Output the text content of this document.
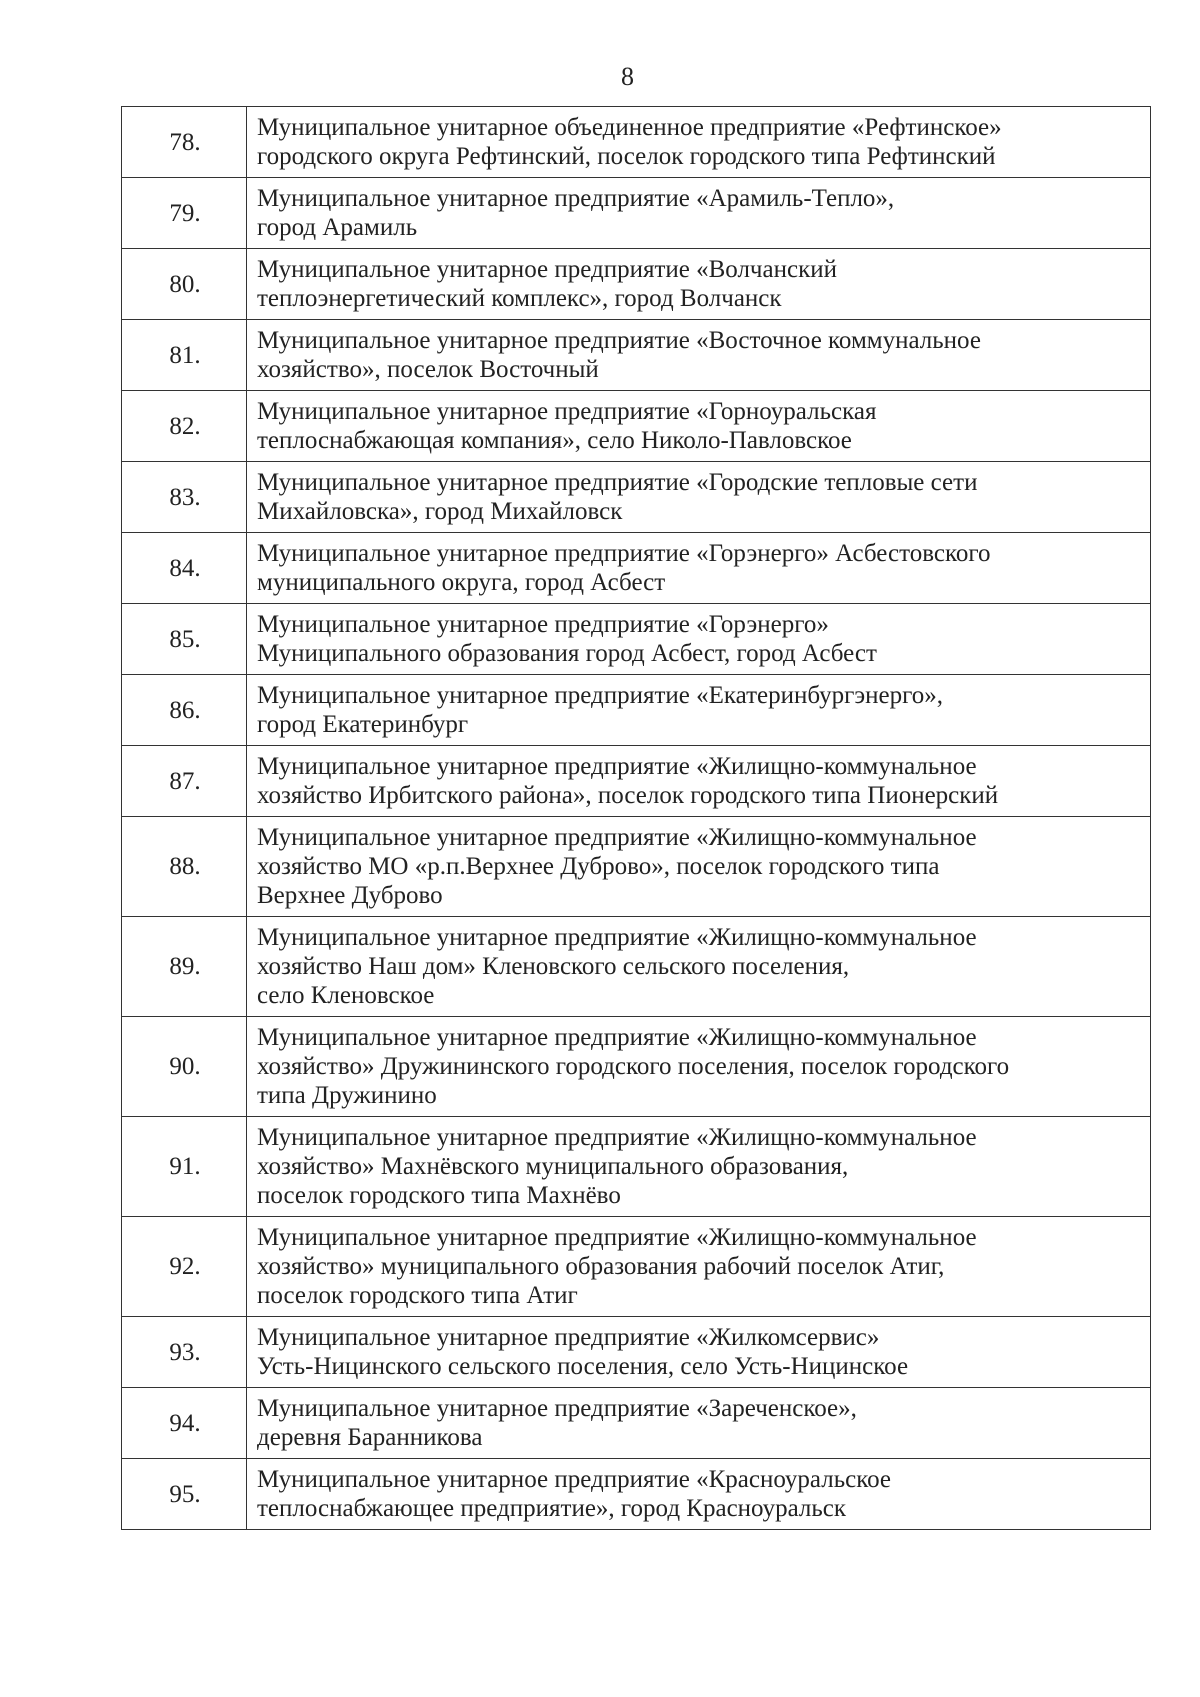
8
78.	Муниципальное унитарное объединенное предприятие «Рефтинское»
городского округа Рефтинский, поселок городского типа Рефтинский

79.	Муниципальное унитарное предприятие «Арамиль-Тепло»,
город Арамиль

80.	Муниципальное унитарное предприятие «Волчанский
теплоэнергетический комплекс», город Волчанск

81.	Муниципальное унитарное предприятие «Восточное коммунальное
хозяйство», поселок Восточный

82.	Муниципальное унитарное предприятие «Горноуральская
теплоснабжающая компания», село Николо-Павловское

83.	Муниципальное унитарное предприятие «Городские тепловые сети
Михайловска», город Михайловск

84.	Муниципальное унитарное предприятие «Горэнерго» Асбестовского
муниципального округа, город Асбест

85.	Муниципальное унитарное предприятие «Горэнерго»
Муниципального образования город Асбест, город Асбест

86.	Муниципальное унитарное предприятие «Екатеринбургэнерго»,
город Екатеринбург

87.	Муниципальное унитарное предприятие «Жилищно-коммунальное
хозяйство Ирбитского района», поселок городского типа Пионерский

88.	Муниципальное унитарное предприятие «Жилищно-коммунальное
хозяйство МО «р.п.Верхнее Дуброво», поселок городского типа
Верхнее Дуброво

89.	Муниципальное унитарное предприятие «Жилищно-коммунальное
хозяйство Наш дом» Кленовского сельского поселения,
село Кленовское

90.	Муниципальное унитарное предприятие «Жилищно-коммунальное
хозяйство» Дружининского городского поселения, поселок городского
типа Дружинино

91.	Муниципальное унитарное предприятие «Жилищно-коммунальное
хозяйство» Махнёвского муниципального образования,
поселок городского типа Махнёво

92.	Муниципальное унитарное предприятие «Жилищно-коммунальное
хозяйство» муниципального образования рабочий поселок Атиг,
поселок городского типа Атиг

93.	Муниципальное унитарное предприятие «Жилкомсервис»
Усть-Ницинского сельского поселения, село Усть-Ницинское

94.	Муниципальное унитарное предприятие «Зареченское»,
деревня Баранникова

95.	Муниципальное унитарное предприятие «Красноуральское
теплоснабжающее предприятие», город Красноуральск
